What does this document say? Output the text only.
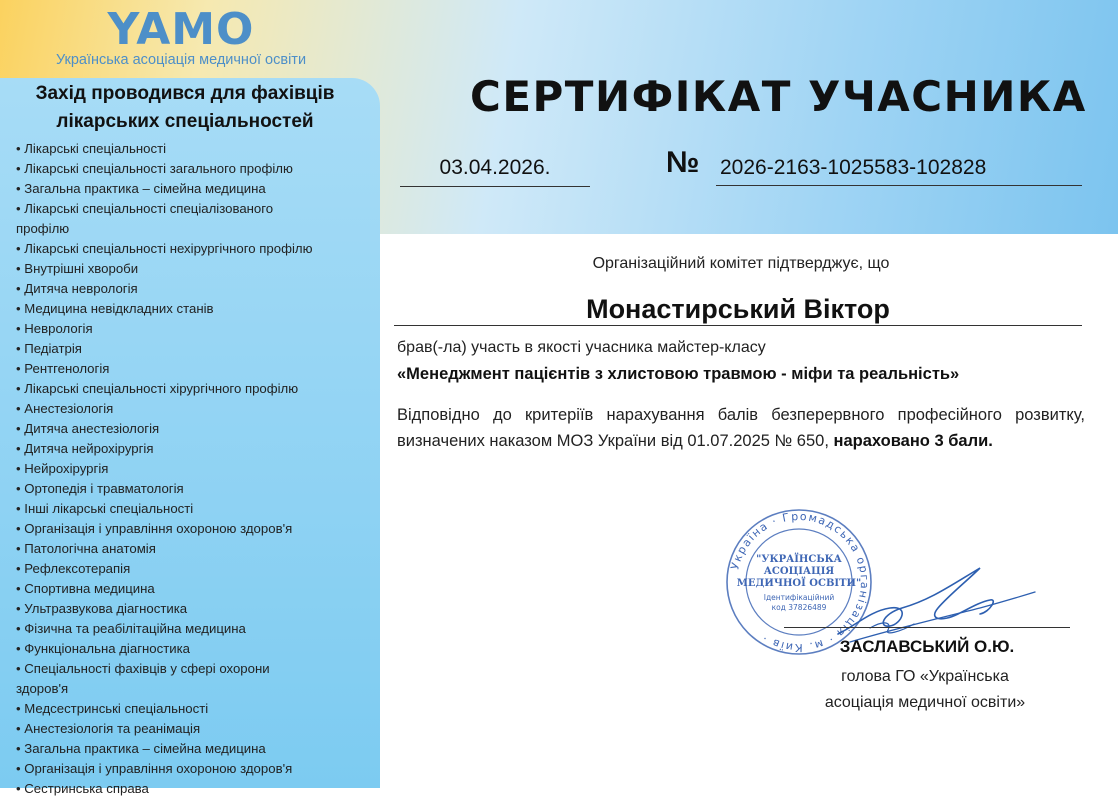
YAMO
Українська асоціація медичної освіти
Захід проводився для фахівців лікарських спеціальностей
• Лікарські спеціальності
• Лікарські спеціальності загального профілю
• Загальна практика – сімейна медицина
• Лікарські спеціальності спеціалізованого профілю
• Лікарські спеціальності нехірургічного профілю
• Внутрішні хвороби
• Дитяча неврологія
• Медицина невідкладних станів
• Неврологія
• Педіатрія
• Рентгенологія
• Лікарські спеціальності хірургічного профілю
• Анестезіологія
• Дитяча анестезіологія
• Дитяча нейрохірургія
• Нейрохірургія
• Ортопедія і травматологія
• Інші лікарські спеціальності
• Організація і управління охороною здоров'я
• Патологічна анатомія
• Рефлексотерапія
• Спортивна медицина
• Ультразвукова діагностика
• Фізична та реабілітаційна медицина
• Функціональна діагностика
• Спеціальності фахівців у сфері охорони здоров'я
• Медсестринські спеціальності
• Анестезіологія та реанімація
• Загальна практика – сімейна медицина
• Організація і управління охороною здоров'я
• Сестринська справа
СЕРТИФІКАТ УЧАСНИКА
03.04.2026.	№ 2026-2163-1025583-102828
Організаційний комітет підтверджує, що
Монастирський Віктор
брав(-ла) участь в якості учасника майстер-класу
«Менеджмент пацієнтів з хлистовою травмою - міфи та реальність»
Відповідно до критеріїв нарахування балів безперервного професійного розвитку, визначених наказом МОЗ України від 01.07.2025 № 650, нараховано 3 бали.
Україна · Громадська організація · м. Київ ·
"УКРАЇНСЬКА
АСОЦІАЦІЯ
МЕДИЧНОЇ ОСВІТИ"
Ідентифікаційний
код 37826489
ЗАСЛАВСЬКИЙ О.Ю.
голова ГО «Українська
асоціація медичної освіти»
